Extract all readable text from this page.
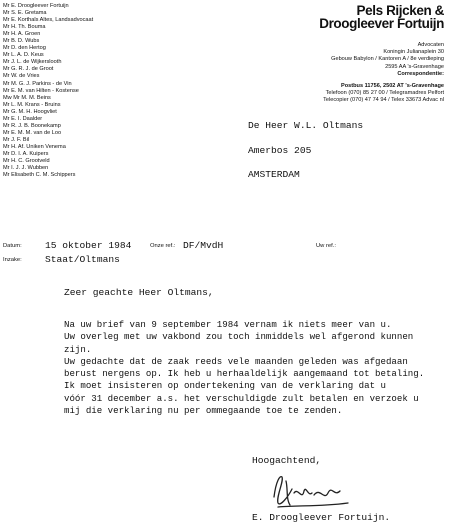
Mr E. Droogleever Fortuijn
Mr S. E. Gretama
Mr E. Korthals Altes, Landsadvocaat
Mr H. Th. Bouma
Mr H. A. Groen
Mr B. D. Wubs
Mr D. den Hertog
Mr L. A. D. Keus
Mr J. L. de Wijkerslooth
Mr G. R. J. de Groot
Mr W. de Vries
Mr M. G. J. Parkins - de Vin
Mr E. M. van Hilten - Kostense
Mw Mr M. M. Beins
Mr L. M. Krans - Bruins
Mr G. M. H. Hoogvliet
Mr E. I. Daalder
Mr R. J. B. Boonekamp
Mr E. M. M. van de Loo
Mr J. F. Bil
Mr H. Af. Uniken Venema
Mr D. I. A. Kuipers
Mr H. C. Grootveld
Mr I. J. J. Wubben
Mr Elisabeth C. M. Schippers
Pels Rijcken &
Droogleever Fortuijn
Advocaten
Koningin Julianaplein 30
Gebouw Babylon / Kantoren A / 8e verdieping
2595 AA 's-Gravenhage
Correspondentie:
Postbus 11756, 2502 AT 's-Gravenhage
Telefoon (070) 85 27 00 / Telegramadres Pelfort
Telecopier (070) 47 74 94 / Telex 33673 Advac nl
De Heer W.L. Oltmans
Amerbos 205
AMSTERDAM
Datum: 15 oktober 1984	Onze ref.: DF/MvdH	Uw ref.:
Inzake: Staat/Oltmans
Zeer geachte Heer Oltmans,

Na uw brief van 9 september 1984 vernam ik niets meer van u.

Uw overleg met uw vakbond zou toch inmiddels wel afgerond kunnen

zijn.

Uw gedachte dat de zaak reeds vele maanden geleden was afgedaan

berust nergens op. Ik heb u herhaaldelijk aangemaand tot betaling.

Ik moet insisteren op ondertekening van de verklaring dat u

vóór 31 december a.s. het verschuldigde zult betalen en verzoek u

mij die verklaring nu per ommegaande toe te zenden.

Hoogachtend,
E. Droogleever Fortuijn.
